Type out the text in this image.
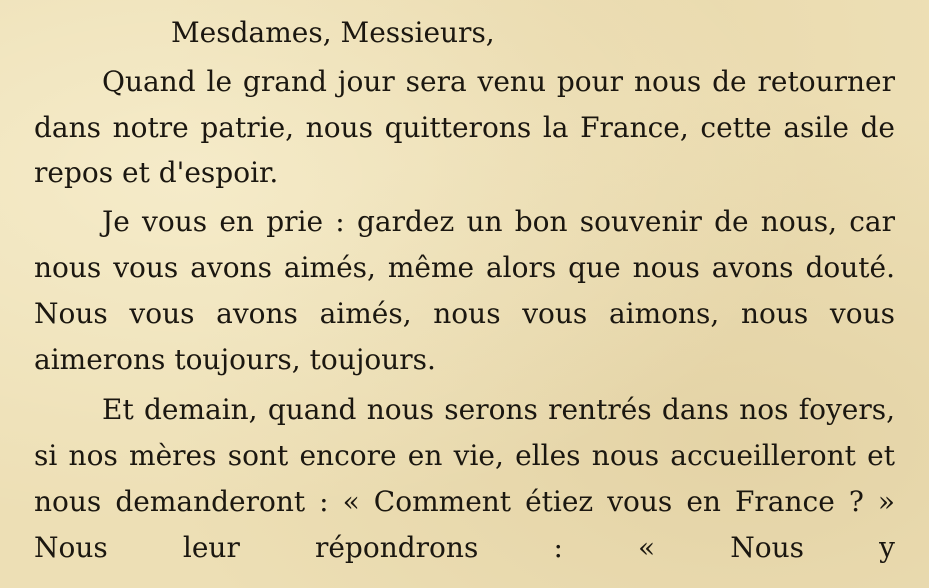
Mesdames, Messieurs,

Quand le grand jour sera venu pour nous de retourner dans notre patrie, nous quitterons la France, cette asile de repos et d'espoir.

Je vous en prie : gardez un bon souvenir de nous, car nous vous avons aimés, même alors que nous avons douté. Nous vous avons aimés, nous vous aimons, nous vous aimerons toujours, toujours.

Et demain, quand nous serons rentrés dans nos foyers, si nos mères sont encore en vie, elles nous accueilleront et nous demanderont : « Comment étiez vous en France ? » Nous leur répondrons : « Nous y
